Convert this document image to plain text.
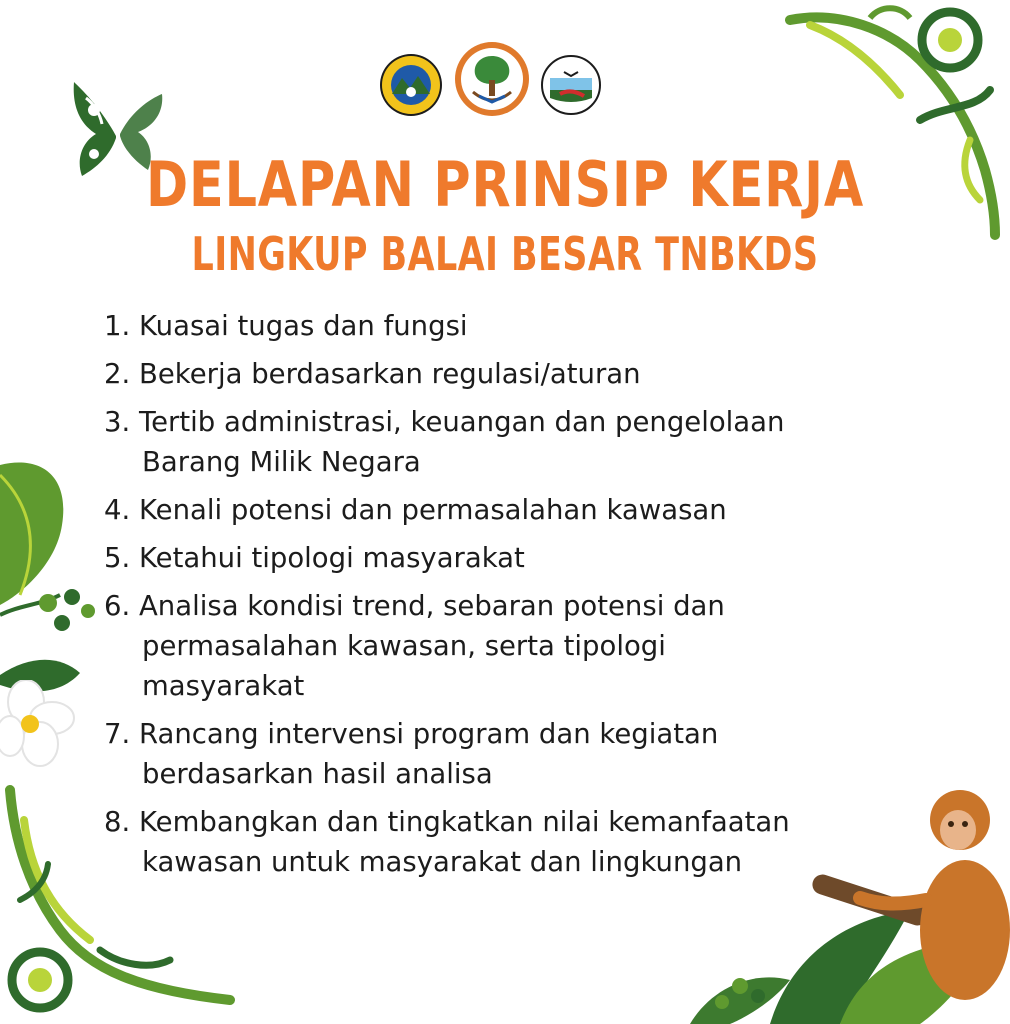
DELAPAN PRINSIP KERJA
LINGKUP BALAI BESAR TNBKDS
1. Kuasai tugas dan fungsi
2. Bekerja berdasarkan regulasi/aturan
3. Tertib administrasi, keuangan dan pengelolaan
Barang Milik Negara
4. Kenali potensi dan permasalahan kawasan
5. Ketahui tipologi masyarakat
6. Analisa kondisi trend, sebaran potensi dan
permasalahan kawasan, serta tipologi
masyarakat
7. Rancang intervensi program dan kegiatan
berdasarkan hasil analisa
8. Kembangkan dan tingkatkan nilai kemanfaatan
kawasan untuk masyarakat dan lingkungan
